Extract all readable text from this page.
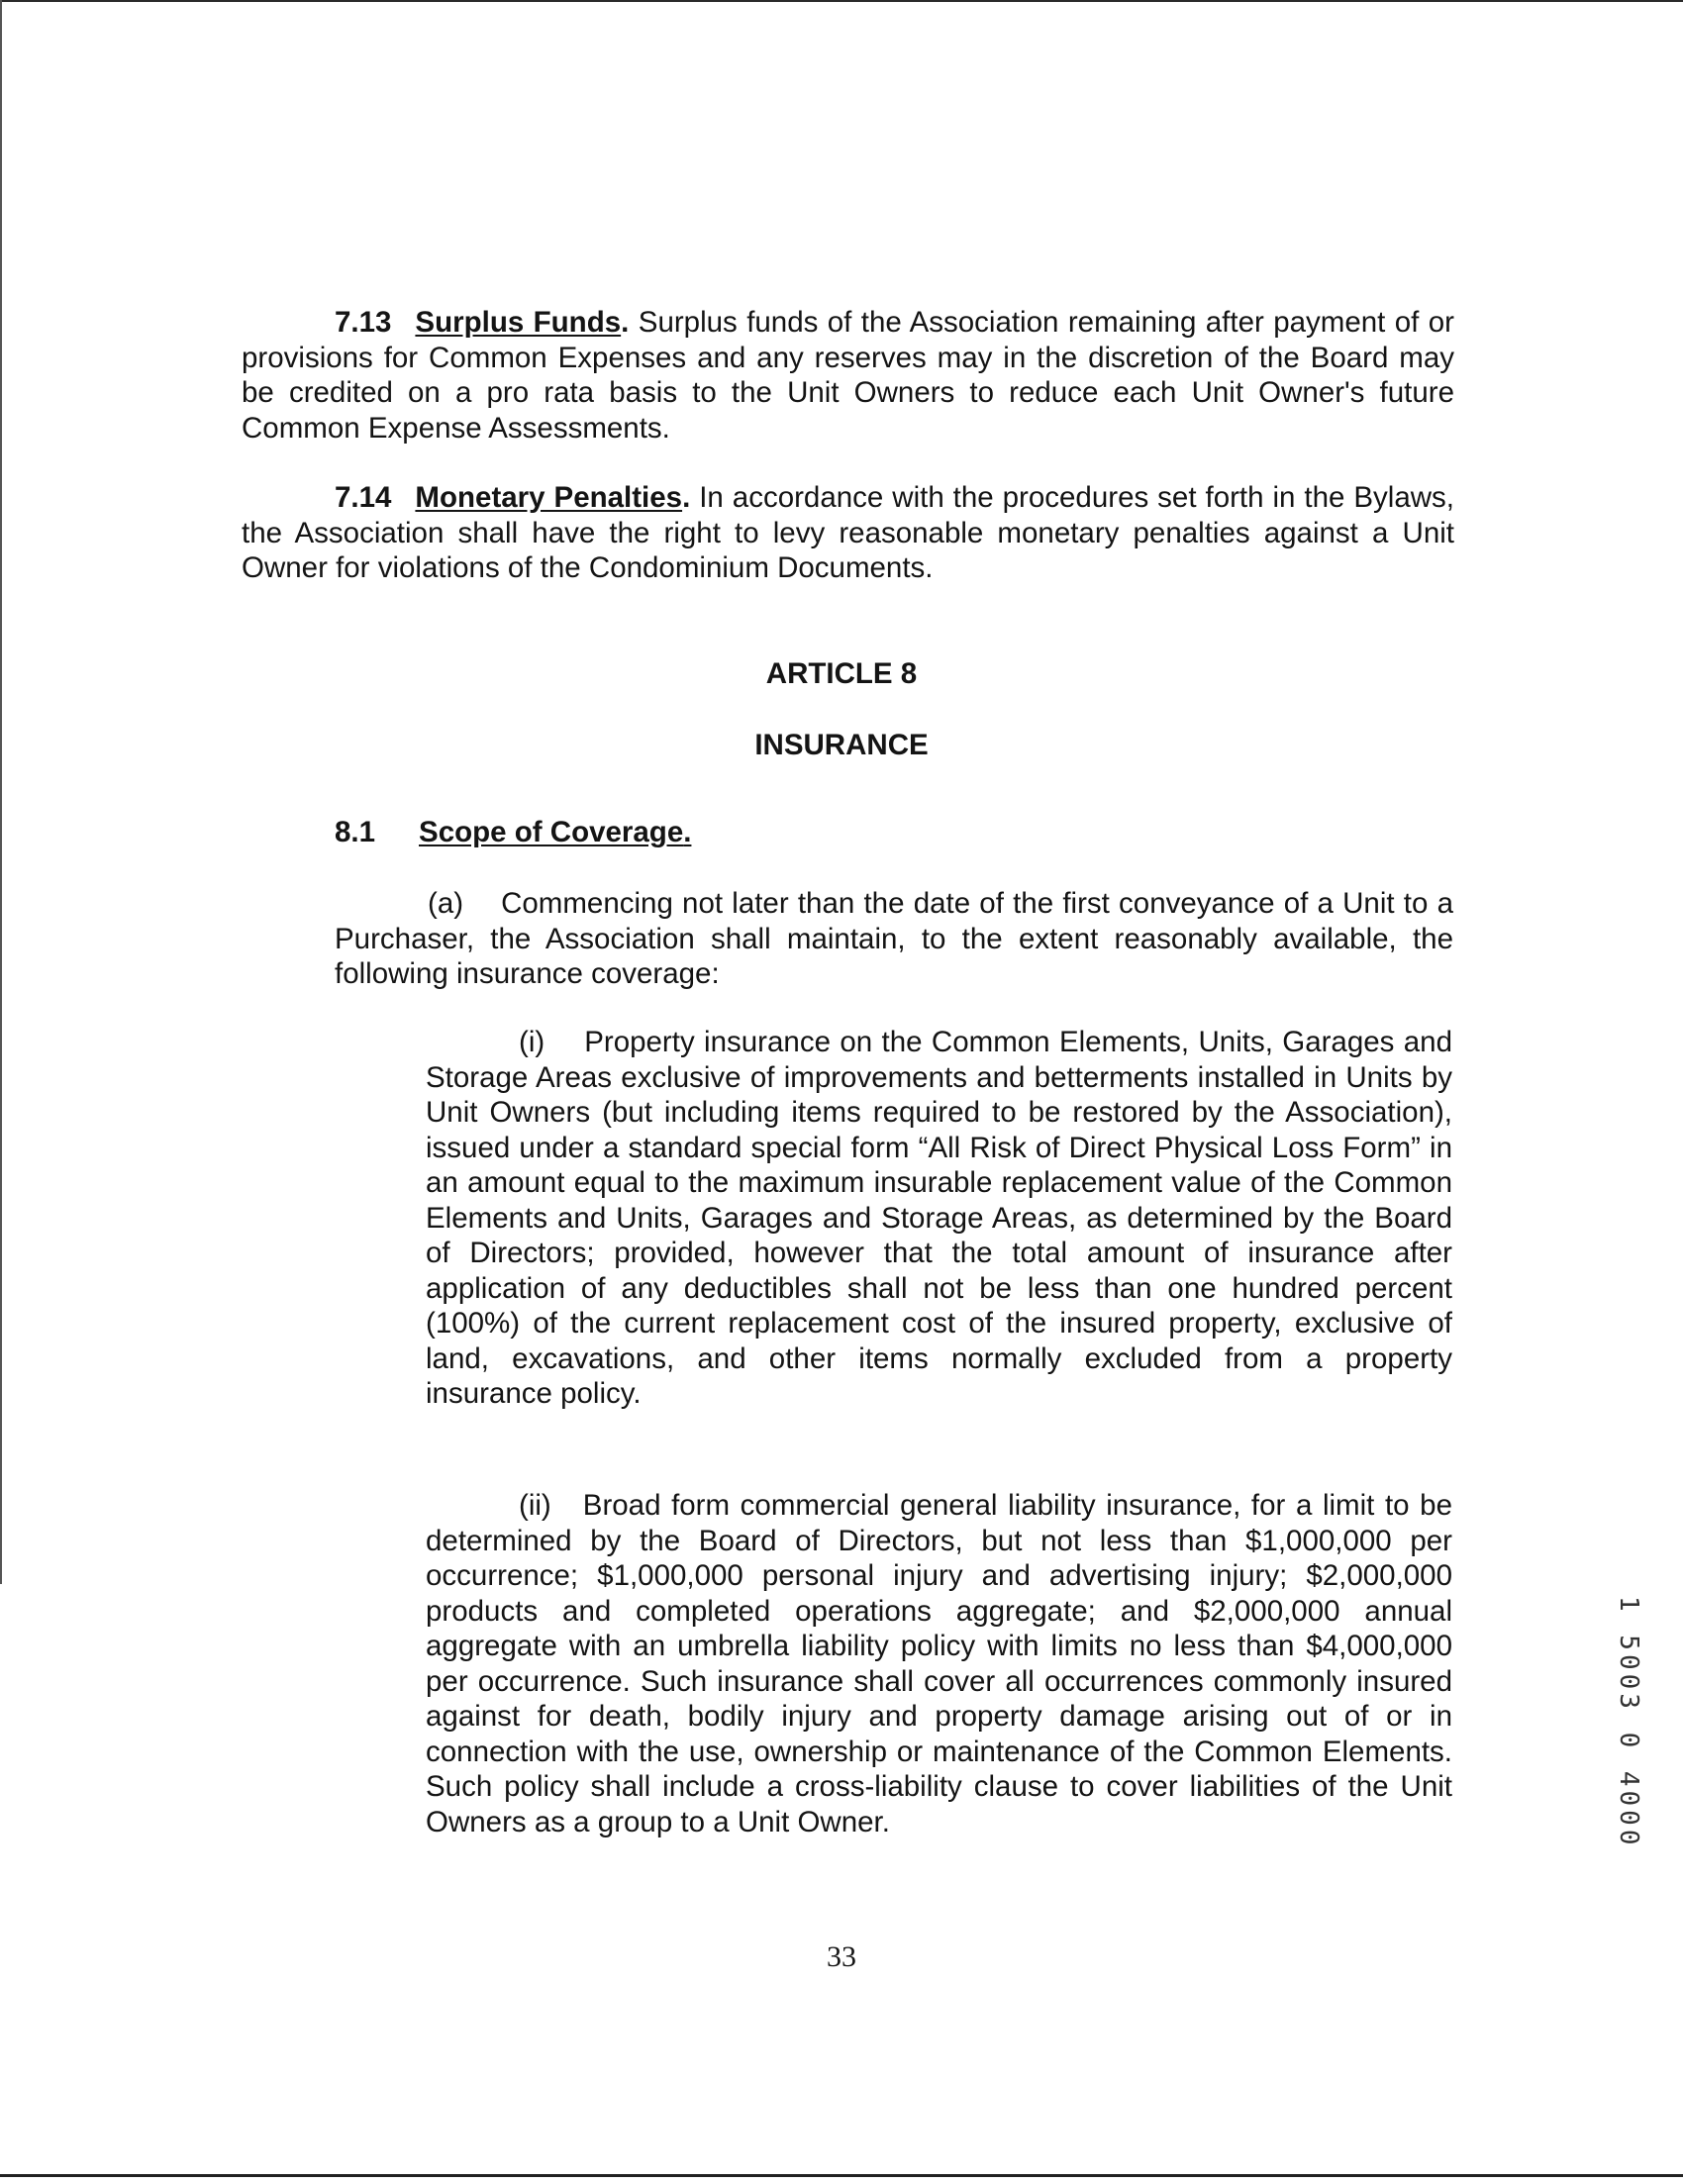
7.13 Surplus Funds. Surplus funds of the Association remaining after payment of or provisions for Common Expenses and any reserves may in the discretion of the Board may be credited on a pro rata basis to the Unit Owners to reduce each Unit Owner's future Common Expense Assessments.

7.14 Monetary Penalties. In accordance with the procedures set forth in the Bylaws, the Association shall have the right to levy reasonable monetary penalties against a Unit Owner for violations of the Condominium Documents.

ARTICLE 8
INSURANCE
8.1 Scope of Coverage.

(a) Commencing not later than the date of the first conveyance of a Unit to a Purchaser, the Association shall maintain, to the extent reasonably available, the following insurance coverage:

(i) Property insurance on the Common Elements, Units, Garages and Storage Areas exclusive of improvements and betterments installed in Units by Unit Owners (but including items required to be restored by the Association), issued under a standard special form “All Risk of Direct Physical Loss Form” in an amount equal to the maximum insurable replacement value of the Common Elements and Units, Garages and Storage Areas, as determined by the Board of Directors; provided, however that the total amount of insurance after application of any deductibles shall not be less than one hundred percent (100%) of the current replacement cost of the insured property, exclusive of land, excavations, and other items normally excluded from a property insurance policy.

(ii) Broad form commercial general liability insurance, for a limit to be determined by the Board of Directors, but not less than $1,000,000 per occurrence; $1,000,000 personal injury and advertising injury; $2,000,000 products and completed operations aggregate; and $2,000,000 annual aggregate with an umbrella liability policy with limits no less than $4,000,000 per occurrence. Such insurance shall cover all occurrences commonly insured against for death, bodily injury and property damage arising out of or in connection with the use, ownership or maintenance of the Common Elements. Such policy shall include a cross-liability clause to cover liabilities of the Unit Owners as a group to a Unit Owner.

33
1 5003 0 4000
